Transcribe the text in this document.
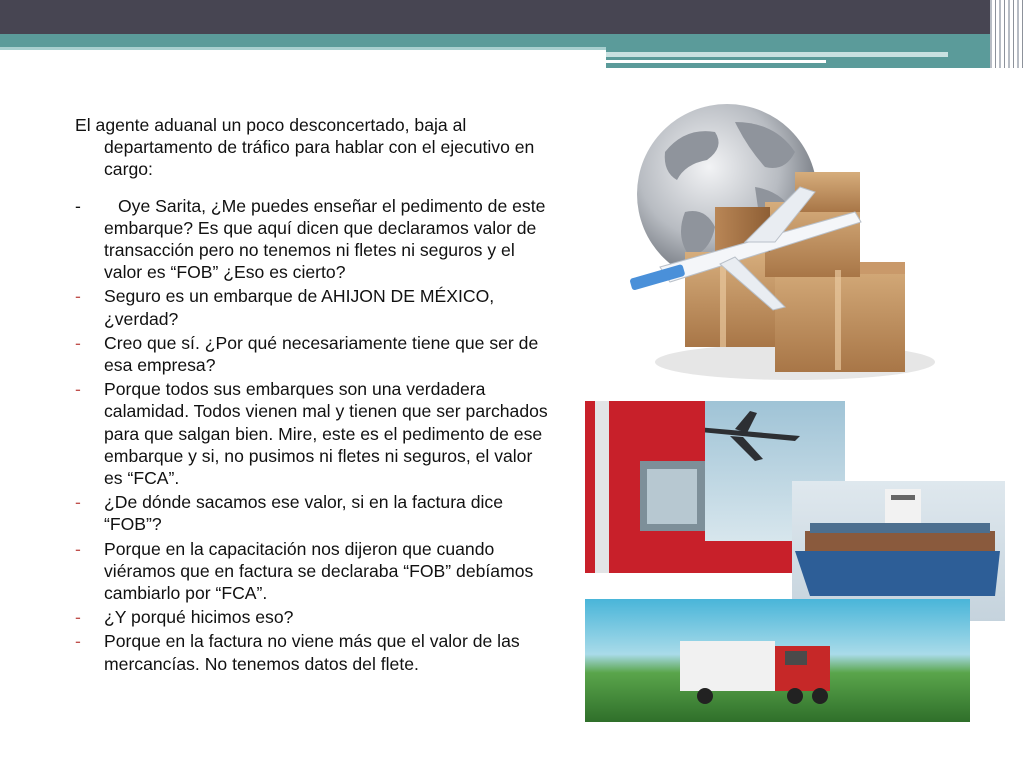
El agente aduanal un poco desconcertado, baja al departamento de tráfico para hablar con el ejecutivo en cargo:

- Oye Sarita, ¿Me puedes enseñar el pedimento de este embarque? Es que aquí dicen que declaramos valor de transacción pero no tenemos ni fletes ni seguros y el valor es “FOB” ¿Eso es cierto?
- Seguro es un embarque de AHIJON DE MÉXICO, ¿verdad?
- Creo que sí. ¿Por qué necesariamente tiene que ser de esa empresa?
- Porque todos sus embarques son una verdadera calamidad. Todos vienen mal y tienen que ser parchados para que salgan bien. Mire, este es el pedimento de ese embarque y si, no pusimos ni fletes ni seguros, el valor es “FCA”.
- ¿De dónde sacamos ese valor, si en la factura dice “FOB”?
- Porque en la capacitación nos dijeron que cuando viéramos que en factura se declaraba “FOB” debíamos cambiarlo por “FCA”.
- ¿Y porqué hicimos eso?
- Porque en la factura no viene más que el valor de las mercancías. No tenemos datos del flete.
